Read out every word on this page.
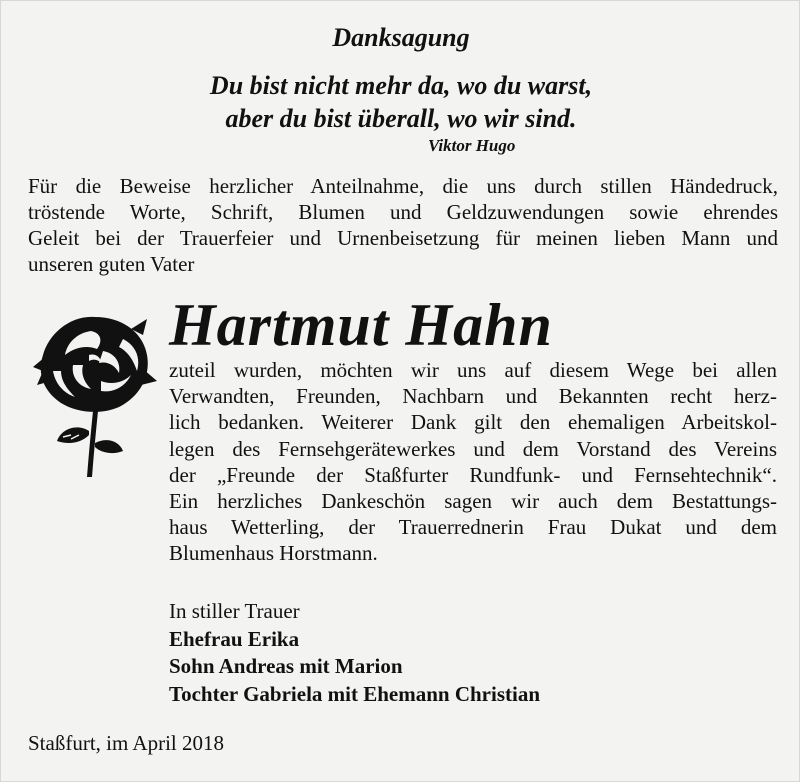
Danksagung
Du bist nicht mehr da, wo du warst,
aber du bist überall, wo wir sind.
Viktor Hugo
Für die Beweise herzlicher Anteilnahme, die uns durch stillen Händedruck,
tröstende Worte, Schrift, Blumen und Geldzuwendungen sowie ehrendes
Geleit bei der Trauerfeier und Urnenbeisetzung für meinen lieben Mann und
unseren guten Vater
Hartmut Hahn
zuteil wurden, möchten wir uns auf diesem Wege bei allen
Verwandten, Freunden, Nachbarn und Bekannten recht herz-
lich bedanken. Weiterer Dank gilt den ehemaligen Arbeitskol-
legen des Fernsehgerätewerkes und dem Vorstand des Vereins
der „Freunde der Staßfurter Rundfunk- und Fernsehtechnik“.
Ein herzliches Dankeschön sagen wir auch dem Bestattungs-
haus Wetterling, der Trauerrednerin Frau Dukat und dem
Blumenhaus Horstmann.
In stiller Trauer
Ehefrau Erika
Sohn Andreas mit Marion
Tochter Gabriela mit Ehemann Christian
Staßfurt, im April 2018
